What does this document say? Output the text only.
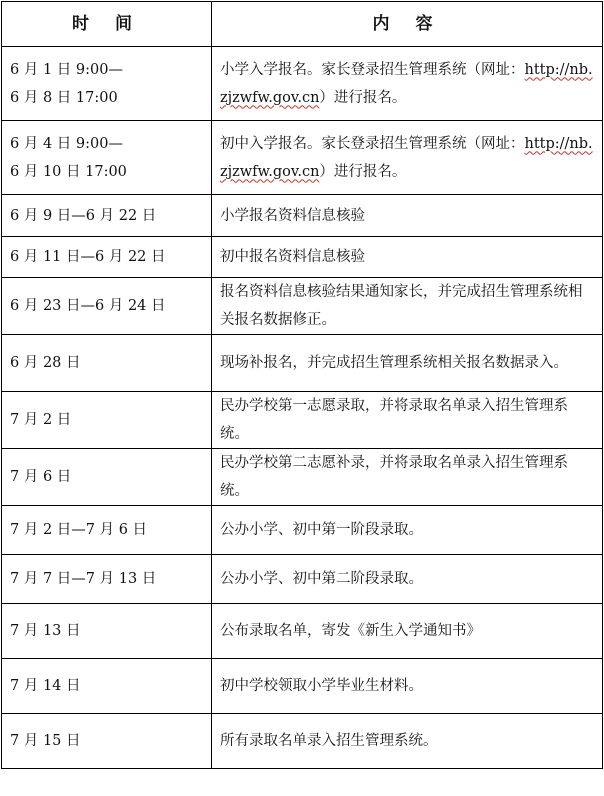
时 间	内 容
6 月 1 日 9:00—
6 月 8 日 17:00	小学入学报名。家长登录招生管理系统（网址：http://nb.zjzwfw.gov.cn）进行报名。
6 月 4 日 9:00—
6 月 10 日 17:00	初中入学报名。家长登录招生管理系统（网址：http://nb.zjzwfw.gov.cn）进行报名。
6 月 9 日—6 月 22 日	小学报名资料信息核验
6 月 11 日—6 月 22 日	初中报名资料信息核验
6 月 23 日—6 月 24 日	报名资料信息核验结果通知家长，并完成招生管理系统相关报名数据修正。
6 月 28 日	现场补报名，并完成招生管理系统相关报名数据录入。
7 月 2 日	民办学校第一志愿录取，并将录取名单录入招生管理系统。
7 月 6 日	民办学校第二志愿补录，并将录取名单录入招生管理系统。
7 月 2 日—7 月 6 日	公办小学、初中第一阶段录取。
7 月 7 日—7 月 13 日	公办小学、初中第二阶段录取。
7 月 13 日	公布录取名单，寄发《新生入学通知书》
7 月 14 日	初中学校领取小学毕业生材料。
7 月 15 日	所有录取名单录入招生管理系统。
